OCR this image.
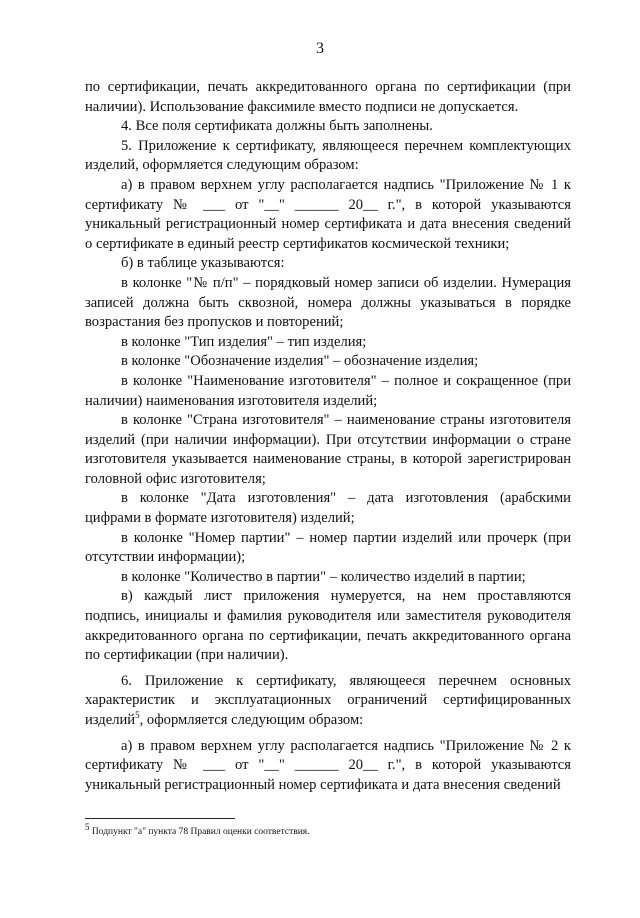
3

по сертификации, печать аккредитованного органа по сертификации (при наличии). Использование факсимиле вместо подписи не допускается.

4. Все поля сертификата должны быть заполнены.

5. Приложение к сертификату, являющееся перечнем комплектующих изделий, оформляется следующим образом:

а) в правом верхнем углу располагается надпись "Приложение № 1 к сертификату № ___ от "__" ______ 20__ г.", в которой указываются уникальный регистрационный номер сертификата и дата внесения сведений о сертификате в единый реестр сертификатов космической техники;

б) в таблице указываются:

в колонке "№ п/п" – порядковый номер записи об изделии. Нумерация записей должна быть сквозной, номера должны указываться в порядке возрастания без пропусков и повторений;

в колонке "Тип изделия" – тип изделия;

в колонке "Обозначение изделия" – обозначение изделия;

в колонке "Наименование изготовителя" – полное и сокращенное (при наличии) наименования изготовителя изделий;

в колонке "Страна изготовителя" – наименование страны изготовителя изделий (при наличии информации). При отсутствии информации о стране изготовителя указывается наименование страны, в которой зарегистрирован головной офис изготовителя;

в колонке "Дата изготовления" – дата изготовления (арабскими цифрами в формате изготовителя) изделий;

в колонке "Номер партии" – номер партии изделий или прочерк (при отсутствии информации);

в колонке "Количество в партии" – количество изделий в партии;

в) каждый лист приложения нумеруется, на нем проставляются подпись, инициалы и фамилия руководителя или заместителя руководителя аккредитованного органа по сертификации, печать аккредитованного органа по сертификации (при наличии).

6. Приложение к сертификату, являющееся перечнем основных характеристик и эксплуатационных ограничений сертифицированных изделий$^5$, оформляется следующим образом:

а) в правом верхнем углу располагается надпись "Приложение № 2 к сертификату № ___ от "__" ______ 20__ г.", в которой указываются уникальный регистрационный номер сертификата и дата внесения сведений

$^5$ Подпункт "а" пункта 78 Правил оценки соответствия.
